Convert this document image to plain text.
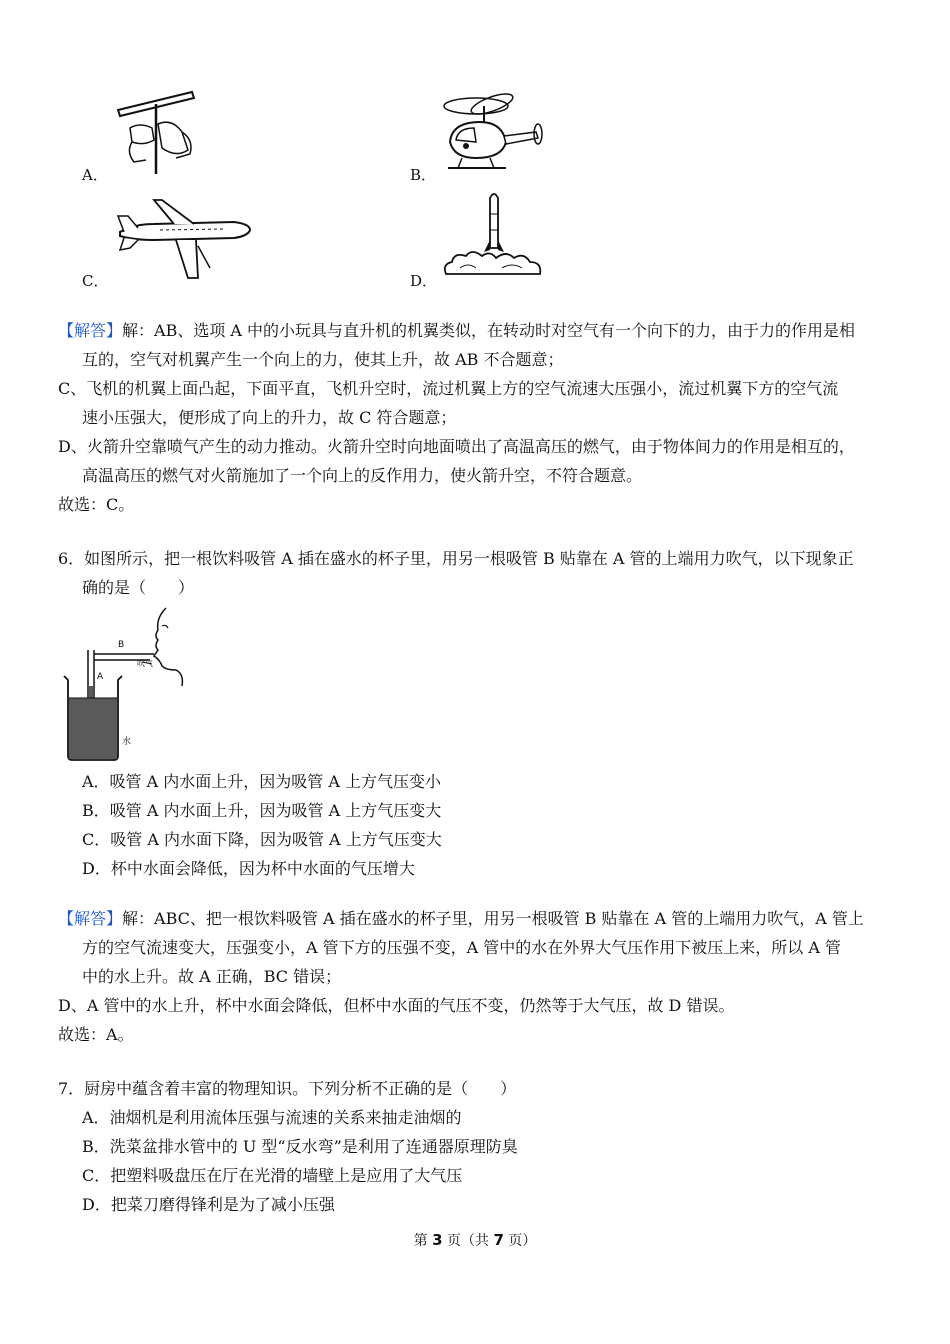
A．	B．
C．	D．
【解答】解：AB、选项 A 中的小玩具与直升机的机翼类似，在转动时对空气有一个向下的力，由于力的作用是相
互的，空气对机翼产生一个向上的力，使其上升，故 AB 不合题意；
C、飞机的机翼上面凸起，下面平直，飞机升空时，流过机翼上方的空气流速大压强小，流过机翼下方的空气流
速小压强大，便形成了向上的升力，故 C 符合题意；
D、火箭升空靠喷气产生的动力推动。火箭升空时向地面喷出了高温高压的燃气，由于物体间力的作用是相互的，
高温高压的燃气对火箭施加了一个向上的反作用力，使火箭升空，不符合题意。
故选：C。
6．如图所示，把一根饮料吸管 A 插在盛水的杯子里，用另一根吸管 B 贴靠在 A 管的上端用力吹气，以下现象正
确的是（　　）
B
A
吹气
水
A．吸管 A 内水面上升，因为吸管 A 上方气压变小
B．吸管 A 内水面上升，因为吸管 A 上方气压变大
C．吸管 A 内水面下降，因为吸管 A 上方气压变大
D．杯中水面会降低，因为杯中水面的气压增大
【解答】解：ABC、把一根饮料吸管 A 插在盛水的杯子里，用另一根吸管 B 贴靠在 A 管的上端用力吹气，A 管上
方的空气流速变大，压强变小，A 管下方的压强不变，A 管中的水在外界大气压作用下被压上来，所以 A 管
中的水上升。故 A 正确，BC 错误；
D、A 管中的水上升，杯中水面会降低，但杯中水面的气压不变，仍然等于大气压，故 D 错误。
故选：A。
7．厨房中蕴含着丰富的物理知识。下列分析不正确的是（　　）
A．油烟机是利用流体压强与流速的关系来抽走油烟的
B．洗菜盆排水管中的 U 型“反水弯”是利用了连通器原理防臭
C．把塑料吸盘压在厅在光滑的墙壁上是应用了大气压
D．把菜刀磨得锋利是为了减小压强
第 3 页（共 7 页）
